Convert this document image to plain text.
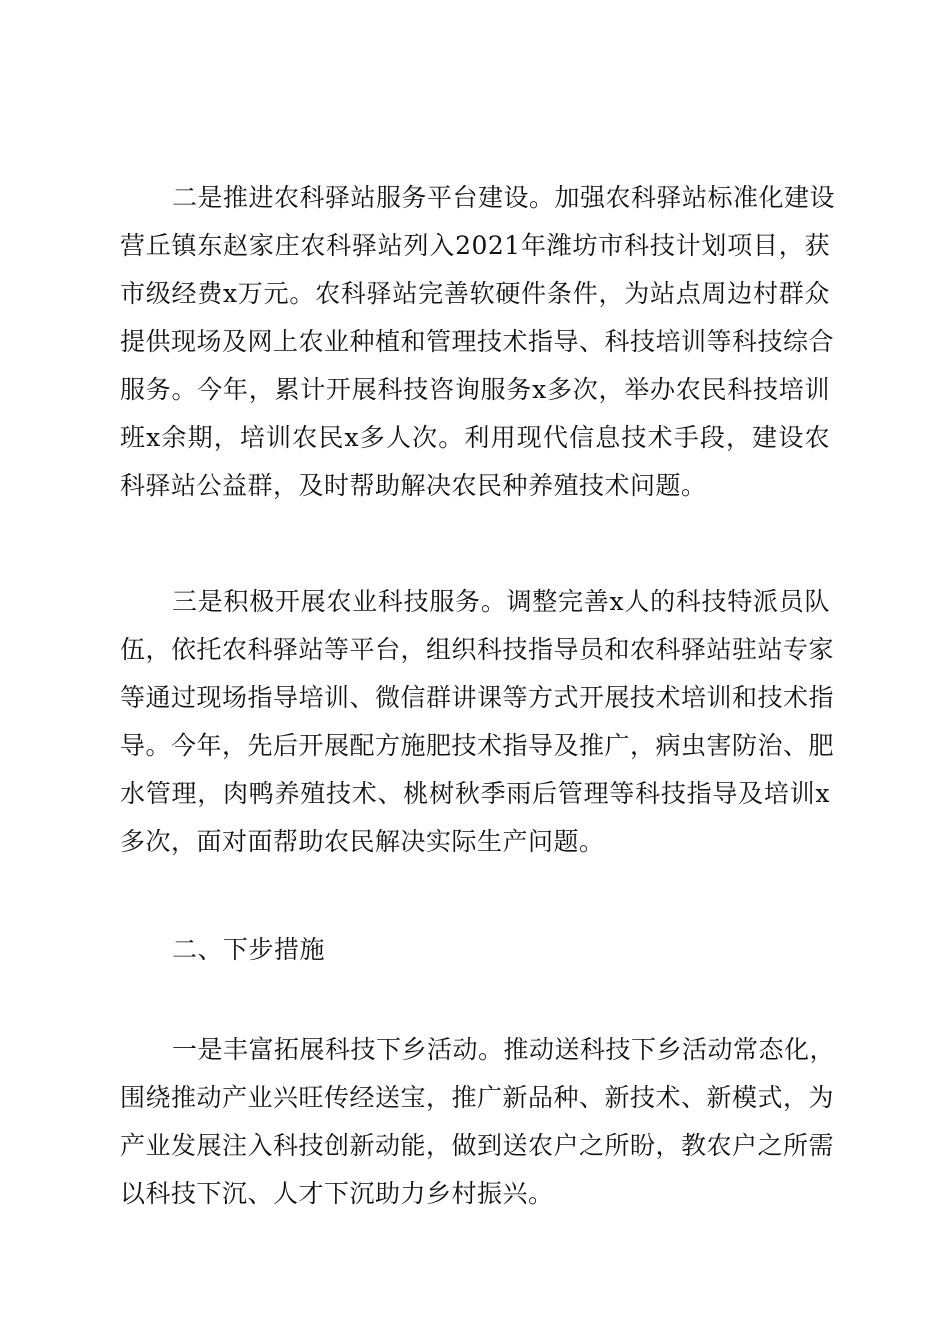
二是推进农科驿站服务平台建设。加强农科驿站标准化建设
营丘镇东赵家庄农科驿站列入2021年潍坊市科技计划项目，获
市级经费x万元。农科驿站完善软硬件条件，为站点周边村群众
提供现场及网上农业种植和管理技术指导、科技培训等科技综合
服务。今年，累计开展科技咨询服务x多次，举办农民科技培训
班x余期，培训农民x多人次。利用现代信息技术手段，建设农
科驿站公益群，及时帮助解决农民种养殖技术问题。
三是积极开展农业科技服务。调整完善x人的科技特派员队
伍，依托农科驿站等平台，组织科技指导员和农科驿站驻站专家
等通过现场指导培训、微信群讲课等方式开展技术培训和技术指
导。今年，先后开展配方施肥技术指导及推广，病虫害防治、肥
水管理，肉鸭养殖技术、桃树秋季雨后管理等科技指导及培训x
多次，面对面帮助农民解决实际生产问题。
二、下步措施
一是丰富拓展科技下乡活动。推动送科技下乡活动常态化，
围绕推动产业兴旺传经送宝，推广新品种、新技术、新模式，为
产业发展注入科技创新动能，做到送农户之所盼，教农户之所需
以科技下沉、人才下沉助力乡村振兴。
